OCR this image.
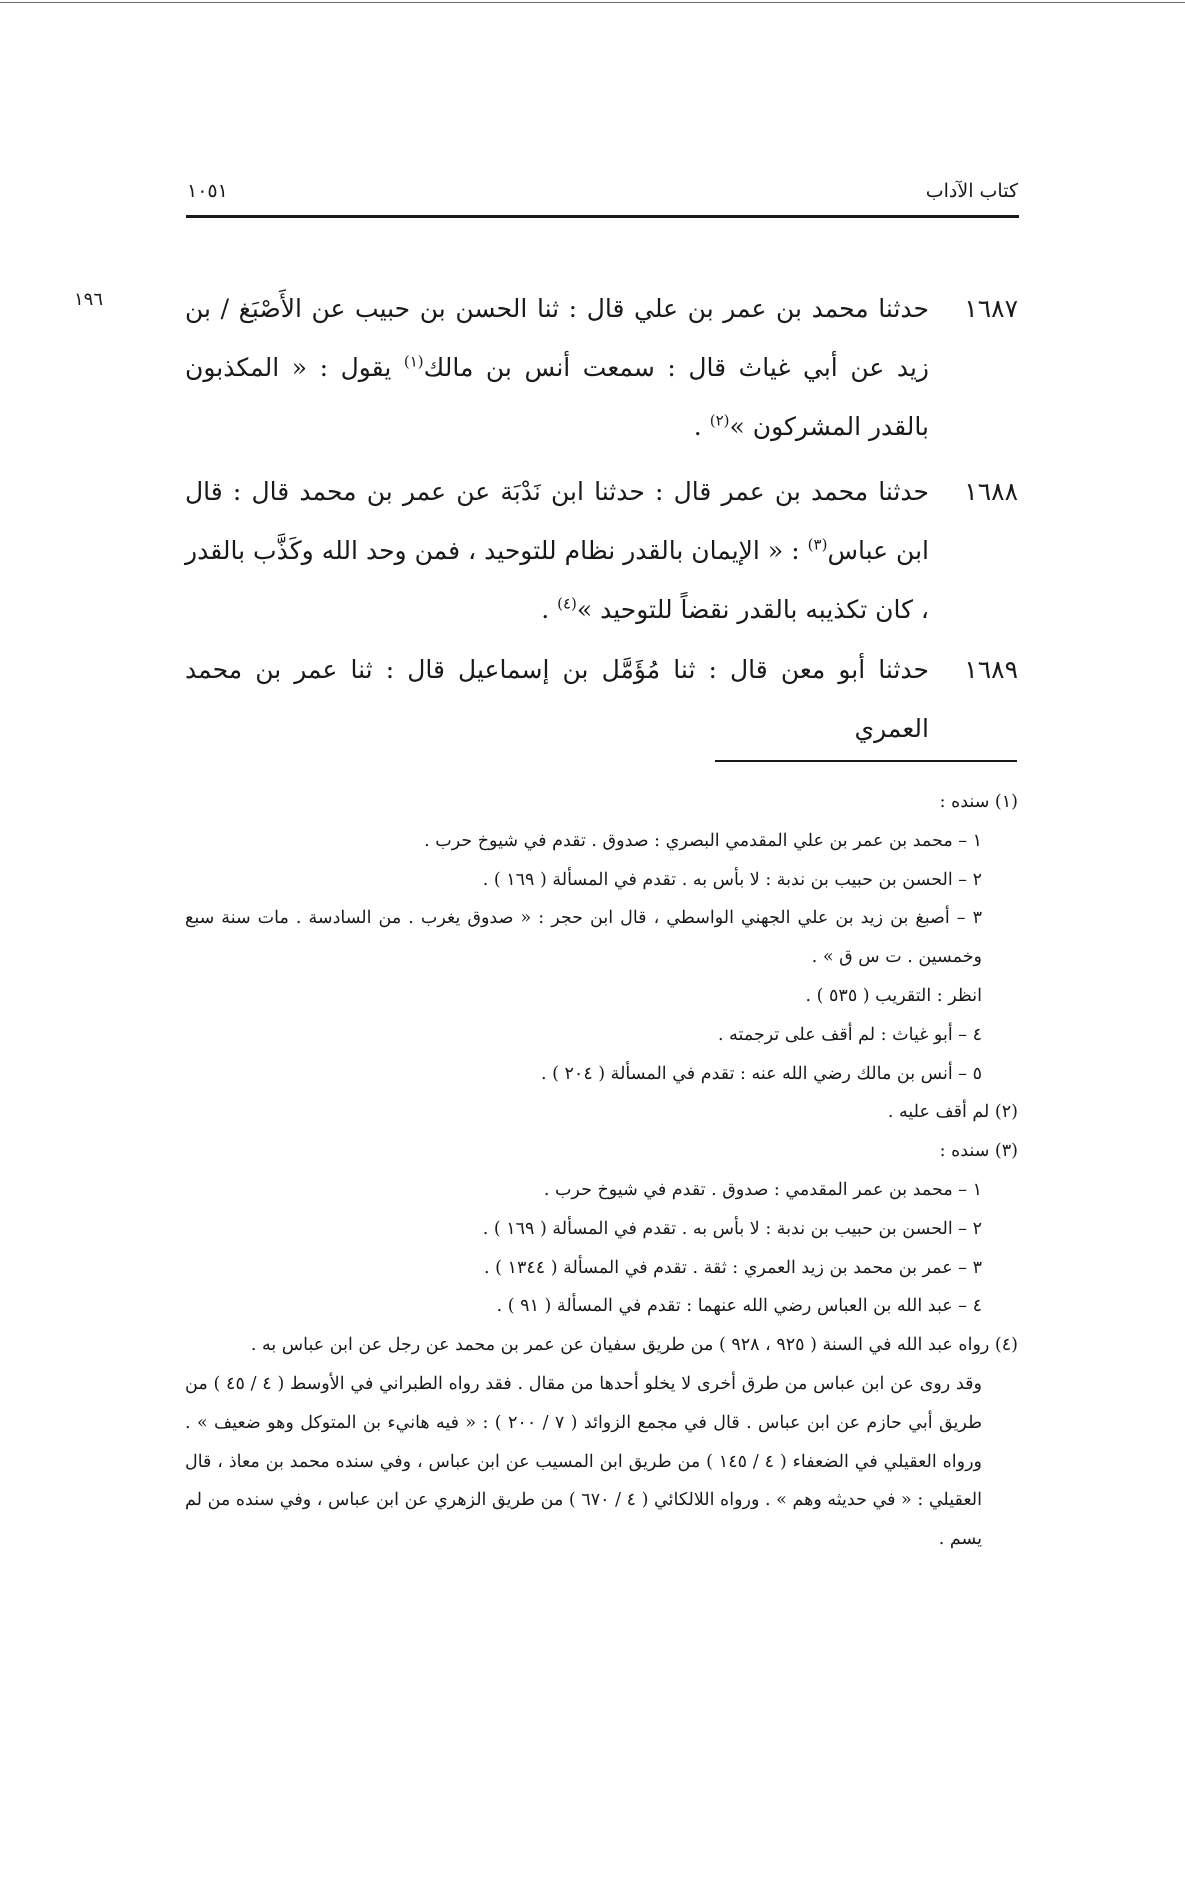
كتاب الآداب
١٠٥١
١٩٦	١٦٨٧
حدثنا محمد بن عمر بن علي قال : ثنا الحسن بن حبيب عن الأَصْبَغ / بن زيد عن أبي غياث قال : سمعت أنس بن مالك$^{(١)}$ يقول : « المكذبون بالقدر المشركون »$^{(٢)}$ .
١٦٨٨
حدثنا محمد بن عمر قال : حدثنا ابن نَدْبَة عن عمر بن محمد قال : قال ابن عباس$^{(٣)}$ : « الإيمان بالقدر نظام للتوحيد ، فمن وحد الله وكَذَّب بالقدر ، كان تكذيبه بالقدر نقضاً للتوحيد »$^{(٤)}$ .
١٦٨٩
حدثنا أبو معن قال : ثنا مُؤَمَّل بن إسماعيل قال : ثنا عمر بن محمد العمري
(١) سنده :
١ – محمد بن عمر بن علي المقدمي البصري : صدوق . تقدم في شيوخ حرب .
٢ – الحسن بن حبيب بن ندبة : لا بأس به . تقدم في المسألة ( ١٦٩ ) .
٣ – أصبغ بن زيد بن علي الجهني الواسطي ، قال ابن حجر : « صدوق يغرب . من السادسة . مات سنة سبع وخمسين . ت س ق » .
انظر : التقريب ( ٥٣٥ ) .
٤ – أبو غياث : لم أقف على ترجمته .
٥ – أنس بن مالك رضي الله عنه : تقدم في المسألة ( ٢٠٤ ) .
(٢) لم أقف عليه .
(٣) سنده :
١ – محمد بن عمر المقدمي : صدوق . تقدم في شيوخ حرب .
٢ – الحسن بن حبيب بن ندبة : لا بأس به . تقدم في المسألة ( ١٦٩ ) .
٣ – عمر بن محمد بن زيد العمري : ثقة . تقدم في المسألة ( ١٣٤٤ ) .
٤ – عبد الله بن العباس رضي الله عنهما : تقدم في المسألة ( ٩١ ) .
(٤) رواه عبد الله في السنة ( ٩٢٥ ، ٩٢٨ ) من طريق سفيان عن عمر بن محمد عن رجل عن ابن عباس به .
وقد روى عن ابن عباس من طرق أخرى لا يخلو أحدها من مقال . فقد رواه الطبراني في الأوسط ( ٤ / ٤٥ ) من طريق أبي حازم عن ابن عباس . قال في مجمع الزوائد ( ٧ / ٢٠٠ ) : « فيه هانيء بن المتوكل وهو ضعيف » . ورواه العقيلي في الضعفاء ( ٤ / ١٤٥ ) من طريق ابن المسيب عن ابن عباس ، وفي سنده محمد بن معاذ ، قال العقيلي : « في حديثه وهم » . ورواه اللالكائي ( ٤ / ٦٧٠ ) من طريق الزهري عن ابن عباس ، وفي سنده من لم يسم .
